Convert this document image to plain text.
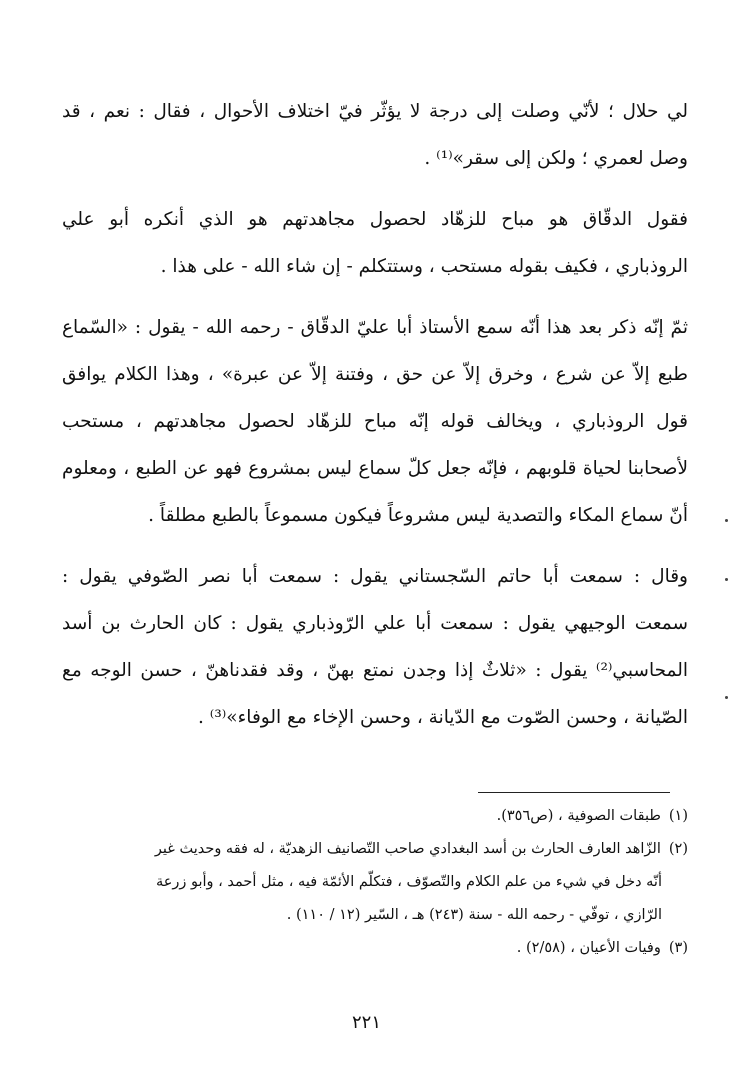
لي حلال ؛ لأنّي وصلت إلى درجة لا يؤثّر فيّ اختلاف الأحوال ، فقال : نعم ، قد
وصل لعمري ؛ ولكن إلى سقر»⁽¹⁾ .

فقول الدقّاق هو مباح للزهّاد لحصول مجاهدتهم هو الذي أنكره أبو علي
الروذباري ، فكيف بقوله مستحب ، وستتكلم - إن شاء الله - على هذا .

ثمّ إنّه ذكر بعد هذا أنّه سمع الأستاذ أبا عليّ الدقّاق - رحمه الله - يقول : «السّماع
طبع إلاّ عن شرع ، وخرق إلاّ عن حق ، وفتنة إلاّ عن عبرة» ، وهذا الكلام يوافق
قول الروذباري ، ويخالف قوله إنّه مباح للزهّاد لحصول مجاهدتهم ، مستحب
لأصحابنا لحياة قلوبهم ، فإنّه جعل كلّ سماع ليس بمشروع فهو عن الطبع ، ومعلوم
أنّ سماع المكاء والتصدية ليس مشروعاً فيكون مسموعاً بالطبع مطلقاً .

وقال : سمعت أبا حاتم السّجستاني يقول : سمعت أبا نصر الصّوفي يقول :
سمعت الوجيهي يقول : سمعت أبا علي الرّوذباري يقول : كان الحارث بن أسد
المحاسبي⁽²⁾ يقول : «ثلاثٌ إذا وجدن نمتع بهنّ ، وقد فقدناهنّ ، حسن الوجه مع
الصّيانة ، وحسن الصّوت مع الدّيانة ، وحسن الإخاء مع الوفاء»⁽³⁾ .

(١)طبقات الصوفية ، (ص٣٥٦).

(٢)الزّاهد العارف الحارث بن أسد البغدادي صاحب التّصانيف الزهديّة ، له فقه وحديث غير
أنّه دخل في شيء من علم الكلام والتّصوّف ، فتكلّم الأئمّة فيه ، مثل أحمد ، وأبو زرعة
الرّازي ، توفّي - رحمه الله - سنة (٢٤٣) هـ ، السّير (١٢ / ١١٠) .

(٣)وفيات الأعيان ، (٢/٥٨) .

٢٢١
